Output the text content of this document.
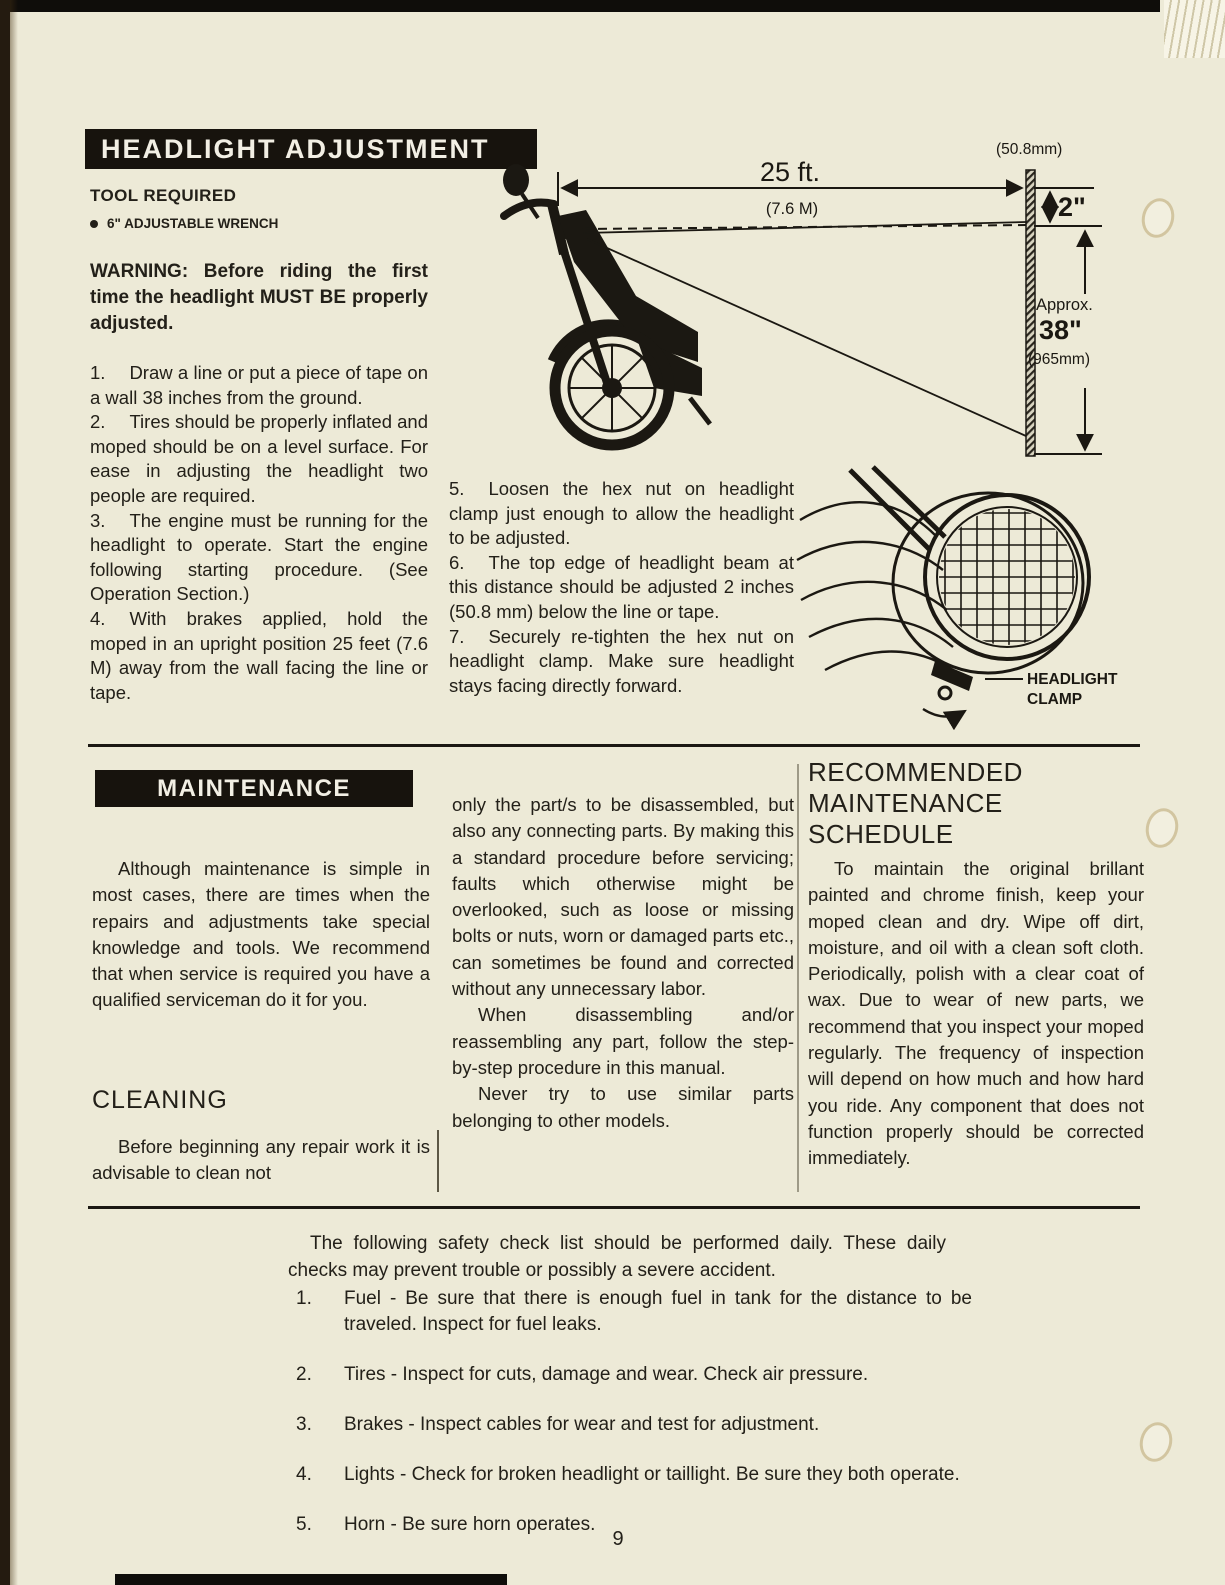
HEADLIGHT ADJUSTMENT
TOOL REQUIRED
6" ADJUSTABLE WRENCH

WARNING: Before riding the first time the headlight MUST BE properly adjusted.

1. Draw a line or put a piece of tape on a wall 38 inches from the ground.

2. Tires should be properly inflated and moped should be on a level surface. For ease in adjusting the headlight two people are required.

3. The engine must be running for the headlight to operate. Start the engine following starting procedure. (See Operation Section.)

4. With brakes applied, hold the moped in an upright position 25 feet (7.6 M) away from the wall facing the line or tape.

5. Loosen the hex nut on headlight clamp just enough to allow the headlight to be adjusted.

6. The top edge of headlight beam at this distance should be adjusted 2 inches (50.8 mm) below the line or tape.

7. Securely re-tighten the hex nut on headlight clamp. Make sure headlight stays facing directly forward.

25 ft.
(7.6 M)
(50.8mm)
2"
Approx.
38"
(965mm)
HEADLIGHT
CLAMP
MAINTENANCE

Although maintenance is simple in most cases, there are times when the repairs and adjustments take special knowledge and tools. We recommend that when service is required you have a qualified serviceman do it for you.

CLEANING

Before beginning any repair work it is advisable to clean not

only the part/s to be disassembled, but also any connecting parts. By making this a standard procedure before servicing; faults which otherwise might be overlooked, such as loose or missing bolts or nuts, worn or damaged parts etc., can sometimes be found and corrected without any unnecessary labor.

When disassembling and/or reassembling any part, follow the step-by-step procedure in this manual.

Never try to use similar parts belonging to other models.

RECOMMENDED
MAINTENANCE
SCHEDULE

To maintain the original brillant painted and chrome finish, keep your moped clean and dry. Wipe off dirt, moisture, and oil with a clean soft cloth. Periodically, polish with a clear coat of wax. Due to wear of new parts, we recommend that you inspect your moped regularly. The frequency of inspection will depend on how much and how hard you ride. Any component that does not function properly should be corrected immediately.

The following safety check list should be performed daily. These daily checks may prevent trouble or possibly a severe accident.

1.	Fuel - Be sure that there is enough fuel in tank for the distance to be traveled. Inspect for fuel leaks.
2.	Tires - Inspect for cuts, damage and wear. Check air pressure.
3.	Brakes - Inspect cables for wear and test for adjustment.
4.	Lights - Check for broken headlight or taillight. Be sure they both operate.
5.	Horn - Be sure horn operates.
9
